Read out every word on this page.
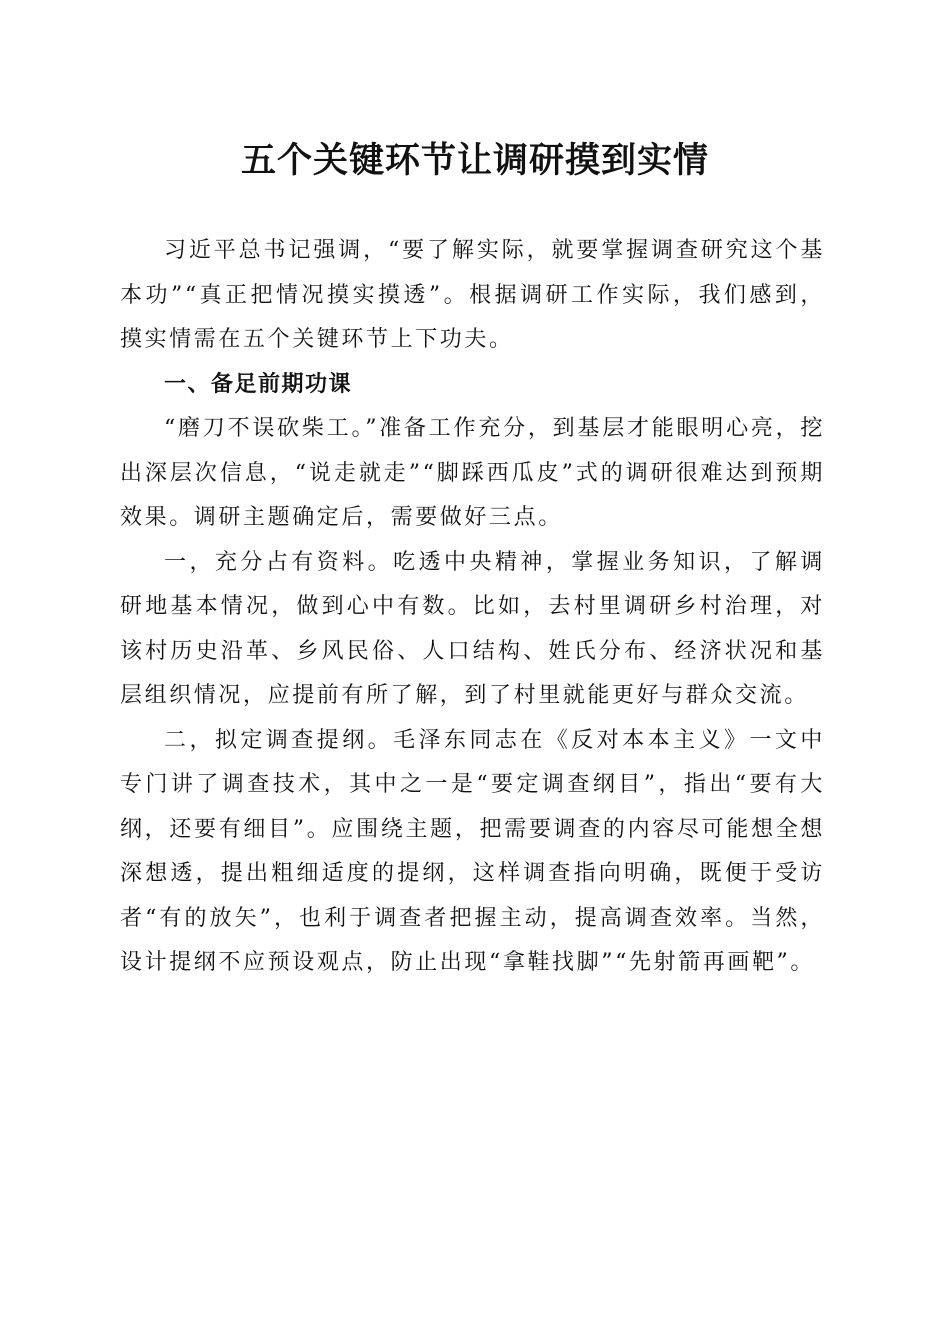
五个关键环节让调研摸到实情

习近平总书记强调，“要了解实际，就要掌握调查研究这个基本功”“真正把情况摸实摸透”。根据调研工作实际，我们感到，摸实情需在五个关键环节上下功夫。

一、备足前期功课

“磨刀不误砍柴工。”准备工作充分，到基层才能眼明心亮，挖出深层次信息，“说走就走”“脚踩西瓜皮”式的调研很难达到预期效果。调研主题确定后，需要做好三点。

一，充分占有资料。吃透中央精神，掌握业务知识，了解调研地基本情况，做到心中有数。比如，去村里调研乡村治理，对该村历史沿革、乡风民俗、人口结构、姓氏分布、经济状况和基层组织情况，应提前有所了解，到了村里就能更好与群众交流。

二，拟定调查提纲。毛泽东同志在《反对本本主义》一文中专门讲了调查技术，其中之一是“要定调查纲目”，指出“要有大纲，还要有细目”。应围绕主题，把需要调查的内容尽可能想全想深想透，提出粗细适度的提纲，这样调查指向明确，既便于受访者“有的放矢”，也利于调查者把握主动，提高调查效率。当然，设计提纲不应预设观点，防止出现“拿鞋找脚”“先射箭再画靶”。
